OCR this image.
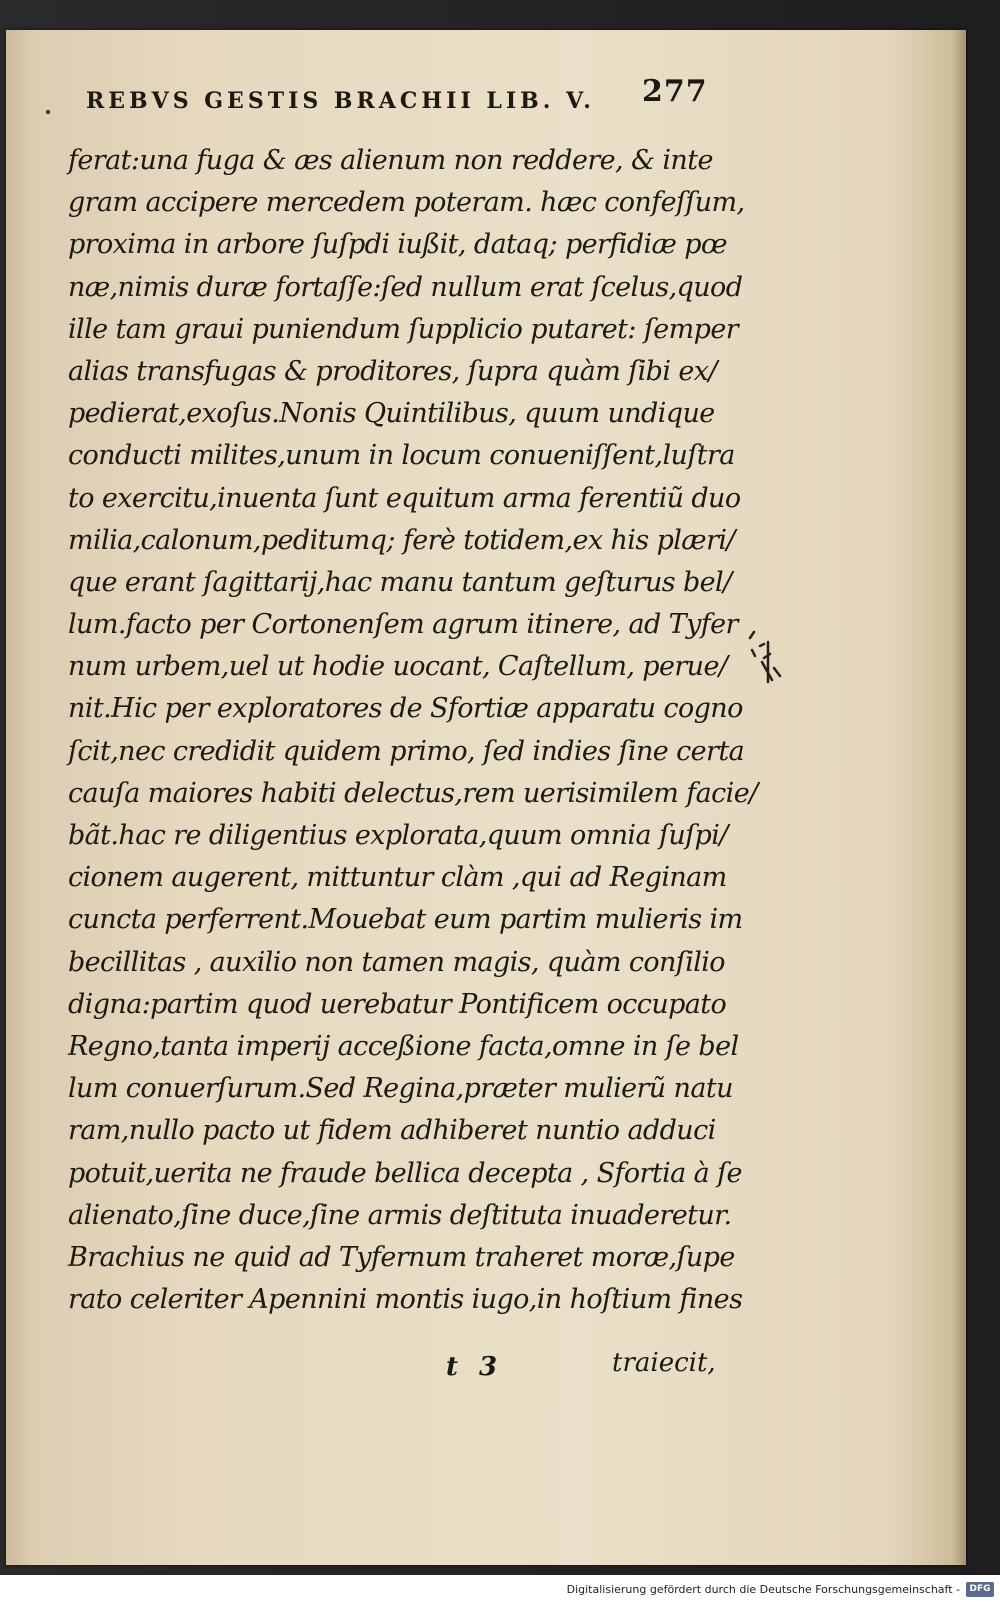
REBVS GESTIS BRACHII LIB. V. 277
ferat:una fuga & æs alienum non reddere, & inte
gram accipere mercedem poteram. hæc confeſſum,
proxima in arbore ſuſpdi iußit, dataq; perfidiæ pœ
næ,nimis duræ fortaſſe:ſed nullum erat ſcelus,quod
ille tam graui puniendum ſupplicio putaret: ſemper
alias transfugas & proditores, ſupra quàm ſibi ex/
pedierat,exoſus.Nonis Quintilibus, quum undique
conducti milites,unum in locum conueniſſent,luſtra
to exercitu,inuenta ſunt equitum arma ferentiũ duo
milia,calonum,peditumq; ferè totidem,ex his plæri/
que erant ſagittarij,hac manu tantum geſturus bel/
lum.facto per Cortonenſem agrum itinere, ad Tyfer
num urbem,uel ut hodie uocant, Caſtellum, perue/
nit.Hic per exploratores de Sfortiæ apparatu cogno
ſcit,nec credidit quidem primo, ſed indies ſine certa
cauſa maiores habiti delectus,rem uerisimilem facie/
bãt.hac re diligentius explorata,quum omnia ſuſpi/
cionem augerent, mittuntur clàm ,qui ad Reginam
cuncta perferrent.Mouebat eum partim mulieris im
becillitas , auxilio non tamen magis, quàm conſilio
digna:partim quod uerebatur Pontificem occupato
Regno,tanta imperij acceßione facta,omne in ſe bel
lum conuerſurum.Sed Regina,præter mulierũ natu
ram,nullo pacto ut fidem adhiberet nuntio adduci
potuit,uerita ne fraude bellica decepta , Sfortia à ſe
alienato,ſine duce,ſine armis deſtituta inuaderetur.
Brachius ne quid ad Tyfernum traheret moræ,ſupe
rato celeriter Apennini montis iugo,in hoſtium fines
t 3	traiecit,
Digitalisierung gefördert durch die Deutsche Forschungsgemeinschaft -	DFG
